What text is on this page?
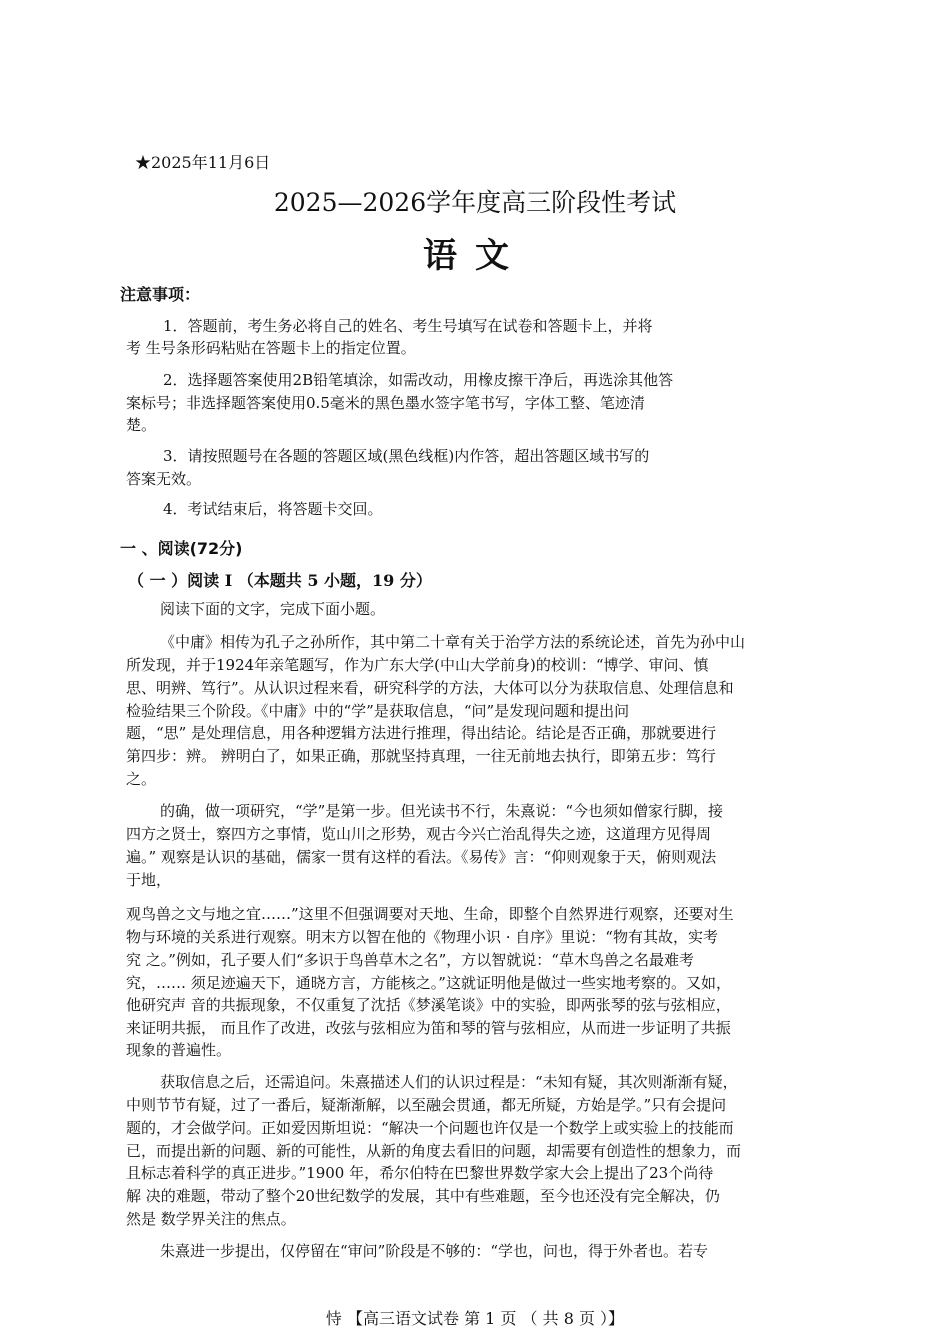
★2025年11月6日
2025—2026学年度高三阶段性考试
语文
注意事项：
1．答题前，考生务必将自己的姓名、考生号填写在试卷和答题卡上，并将
考 生号条形码粘贴在答题卡上的指定位置。
2．选择题答案使用2B铅笔填涂，如需改动，用橡皮擦干净后，再选涂其他答
案标号；非选择题答案使用0.5毫米的黑色墨水签字笔书写，字体工整、笔迹清
楚。
3．请按照题号在各题的答题区域(黑色线框)内作答，超出答题区域书写的
答案无效。
4．考试结束后，将答题卡交回。
一 、阅读(72分)
（ 一 ）阅读 I （本题共 5 小题，19 分）
阅读下面的文字，完成下面小题。
《中庸》相传为孔子之孙所作，其中第二十章有关于治学方法的系统论述，首先为孙中山
所发现，并于1924年亲笔题写，作为广东大学(中山大学前身)的校训：“博学、审问、慎
思、明辨、笃行”。从认识过程来看，研究科学的方法，大体可以分为获取信息、处理信息和
检验结果三个阶段。《中庸》中的“学”是获取信息，“问”是发现问题和提出问
题，“思” 是处理信息，用各种逻辑方法进行推理，得出结论。结论是否正确，那就要进行
第四步：辨。 辨明白了，如果正确，那就坚持真理，一往无前地去执行，即第五步：笃行
之。
的确，做一项研究，“学”是第一步。但光读书不行，朱熹说：“今也须如僧家行脚，接
四方之贤士，察四方之事情，览山川之形势，观古今兴亡治乱得失之迹，这道理方见得周
遍。” 观察是认识的基础，儒家一贯有这样的看法。《易传》言：“仰则观象于天，俯则观法
于地，
观鸟兽之文与地之宜……”这里不但强调要对天地、生命，即整个自然界进行观察，还要对生
物与环境的关系进行观察。明末方以智在他的《物理小识 · 自序》里说：“物有其故，实考
究 之。”例如，孔子要人们“多识于鸟兽草木之名”，方以智就说：“草木鸟兽之名最难考
究，…… 须足迹遍天下，通晓方言，方能核之。”这就证明他是做过一些实地考察的。又如，
他研究声 音的共振现象，不仅重复了沈括《梦溪笔谈》中的实验，即两张琴的弦与弦相应，
来证明共振， 而且作了改进，改弦与弦相应为笛和琴的管与弦相应，从而进一步证明了共振
现象的普遍性。
获取信息之后，还需追问。朱熹描述人们的认识过程是：“未知有疑，其次则渐渐有疑，
中则节节有疑，过了一番后，疑渐渐解，以至融会贯通，都无所疑，方始是学。”只有会提问
题的，才会做学问。正如爱因斯坦说：“解决一个问题也许仅是一个数学上或实验上的技能而
已，而提出新的问题、新的可能性，从新的角度去看旧的问题，却需要有创造性的想象力，而
且标志着科学的真正进步。”1900 年，希尔伯特在巴黎世界数学家大会上提出了23个尚待
解 决的难题，带动了整个20世纪数学的发展，其中有些难题，至今也还没有完全解决，仍
然是 数学界关注的焦点。
朱熹进一步提出，仅停留在“审问”阶段是不够的：“学也，问也，得于外者也。若专
恃 【高三语文试卷 第 1 页 （ 共 8 页 ）】
